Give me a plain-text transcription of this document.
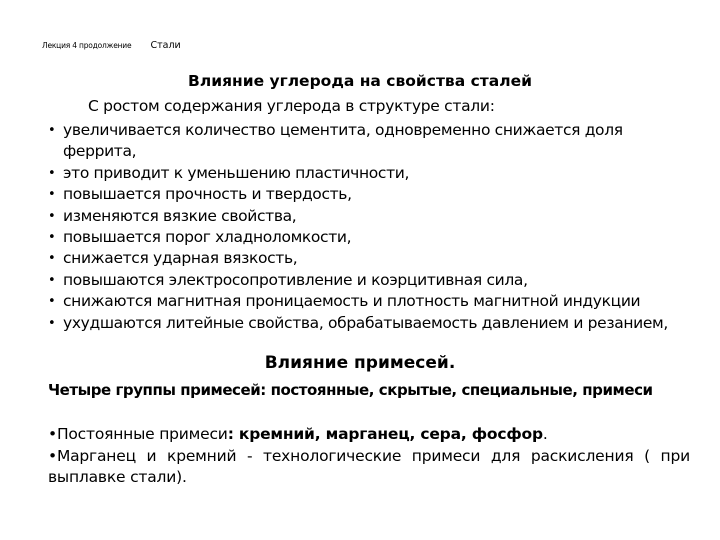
Лекция 4 продолжение Стали
Влияние углерода на свойства сталей
С ростом содержания углерода в структуре стали:
• увеличивается количество цементита, одновременно снижается доля феррита,
• это приводит к уменьшению пластичности,
• повышается прочность и твердость,
• изменяются вязкие свойства,
• повышается порог хладноломкости,
• снижается ударная вязкость,
• повышаются электросопротивление и коэрцитивная сила,
• снижаются магнитная проницаемость и плотность магнитной индукции
• ухудшаются литейные свойства, обрабатываемость давлением и резанием,
Влияние примесей.
Четыре группы примесей: постоянные, скрытые, специальные, примеси
•Постоянные примеси: кремний, марганец, сера, фосфор.
•Марганец и кремний - технологические примеси для раскисления ( при выплавке стали).
